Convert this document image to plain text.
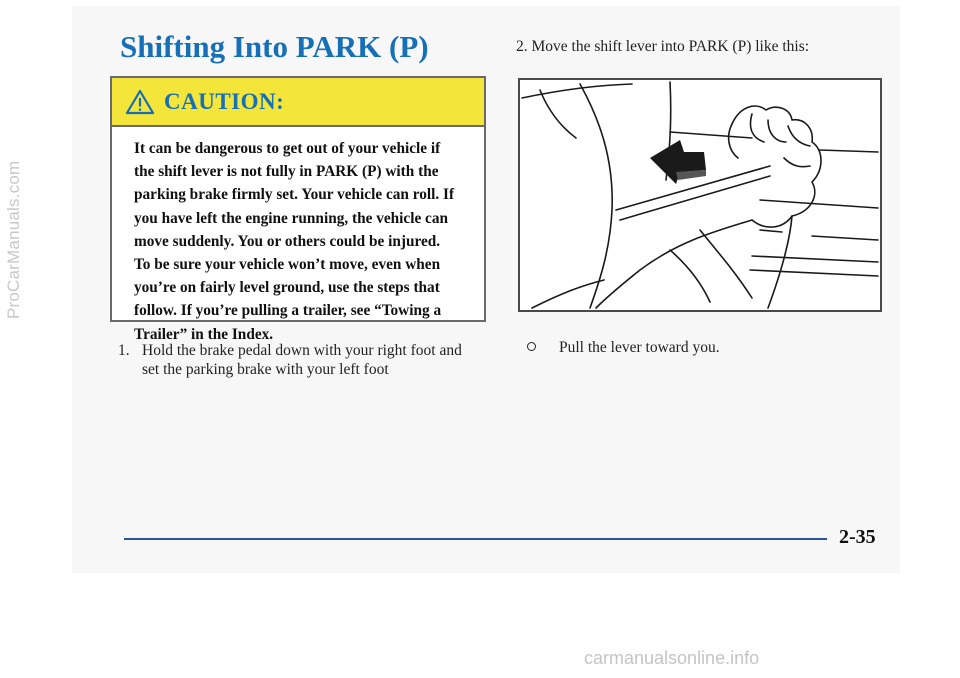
ProCarManuals.com
Shifting Into PARK (P)
CAUTION:
It can be dangerous to get out of your vehicle if
the shift lever is not fully in PARK (P) with the
parking brake firmly set. Your vehicle can roll. If
you have left the engine running, the vehicle can
move suddenly. You or others could be injured.
To be sure your vehicle won’t move, even when
you’re on fairly level ground, use the steps that
follow. If you’re pulling a trailer, see “Towing a
Trailer” in the Index.
1. Hold the brake pedal down with your right foot and
set the parking brake with your left foot
2. Move the shift lever into PARK (P) like this:
Pull the lever toward you.
2-35
carmanualsonline.info
